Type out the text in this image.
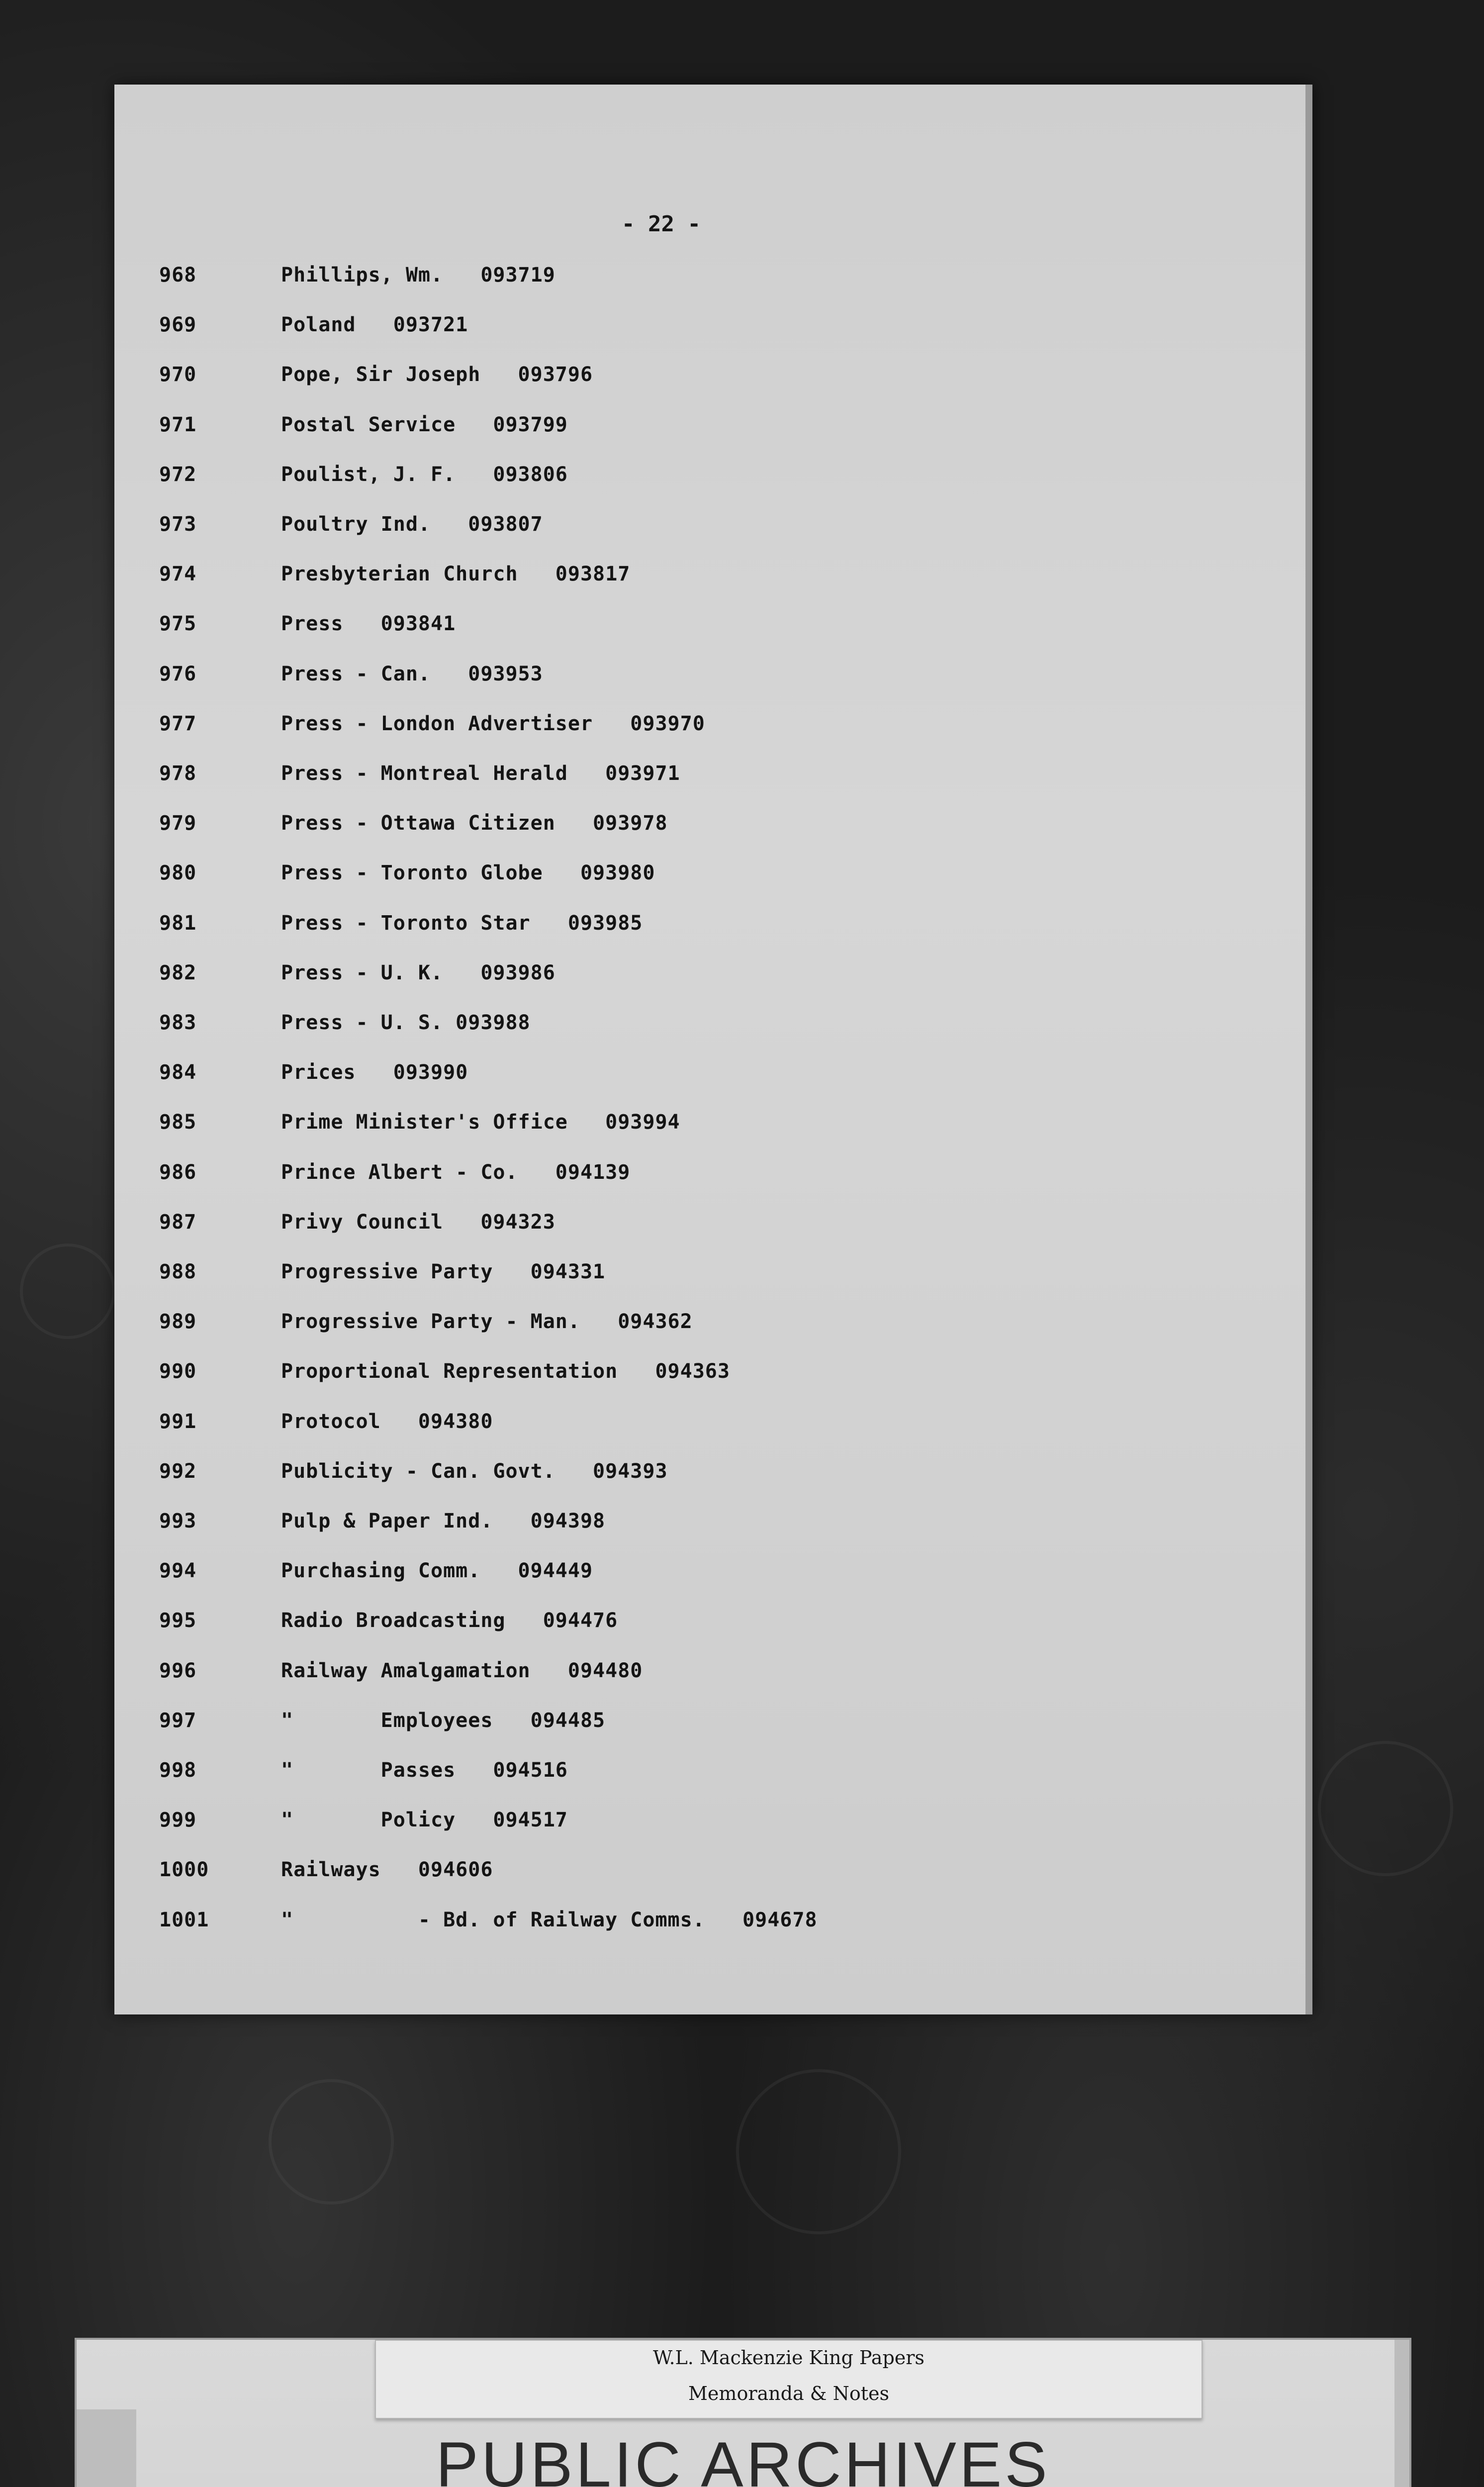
- 22 -
968	Phillips, Wm.   093719
969	Poland   093721
970	Pope, Sir Joseph   093796
971	Postal Service   093799
972	Poulist, J. F.   093806
973	Poultry Ind.   093807
974	Presbyterian Church   093817
975	Press   093841
976	Press - Can.   093953
977	Press - London Advertiser   093970
978	Press - Montreal Herald   093971
979	Press - Ottawa Citizen   093978
980	Press - Toronto Globe   093980
981	Press - Toronto Star   093985
982	Press - U. K.   093986
983	Press - U. S. 093988
984	Prices   093990
985	Prime Minister's Office   093994
986	Prince Albert - Co.   094139
987	Privy Council   094323
988	Progressive Party   094331
989	Progressive Party - Man.   094362
990	Proportional Representation   094363
991	Protocol   094380
992	Publicity - Can. Govt.   094393
993	Pulp & Paper Ind.   094398
994	Purchasing Comm.   094449
995	Radio Broadcasting   094476
996	Railway Amalgamation   094480
997	"       Employees   094485
998	"       Passes   094516
999	"       Policy   094517
1000	Railways   094606
1001	"          - Bd. of Railway Comms.   094678
W.L. Mackenzie King Papers
Memoranda & Notes
PUBLIC ARCHIVES
